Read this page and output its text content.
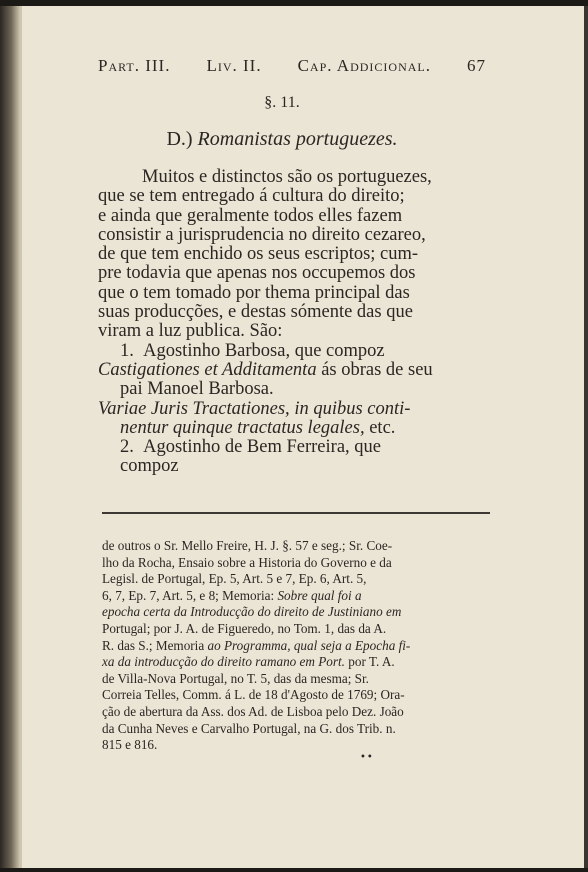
Part. III. Liv. II. Cap. Addicional. 67
§. 11.
D.) Romanistas portuguezes.
Muitos e distinctos são os portuguezes,
que se tem entregado á cultura do direito;
e ainda que geralmente todos elles fazem
consistir a jurisprudencia no direito cezareo,
de que tem enchido os seus escriptos; cum-
pre todavia que apenas nos occupemos dos
que o tem tomado por thema principal das
suas producções, e destas sómente das que
viram a luz publica. São:
1. Agostinho Barbosa, que compoz
Castigationes et Additamenta ás obras de seu
pai Manoel Barbosa.
Variae Juris Tractationes, in quibus conti-
nentur quinque tractatus legales, etc.
2. Agostinho de Bem Ferreira, que
compoz
de outros o Sr. Mello Freire, H. J. §. 57 e seg.; Sr. Coe-
lho da Rocha, Ensaio sobre a Historia do Governo e da
Legisl. de Portugal, Ep. 5, Art. 5 e 7, Ep. 6, Art. 5,
6, 7, Ep. 7, Art. 5, e 8; Memoria: Sobre qual foi a
epocha certa da Introducção do direito de Justiniano em
Portugal; por J. A. de Figueredo, no Tom. 1, das da A.
R. das S.; Memoria ao Programma, qual seja a Epocha fi-
xa da introducção do direito ramano em Port. por T. A.
de Villa-Nova Portugal, no T. 5, das da mesma; Sr.
Correia Telles, Comm. á L. de 18 d'Agosto de 1769; Ora-
ção de abertura da Ass. dos Ad. de Lisboa pelo Dez. João
da Cunha Neves e Carvalho Portugal, na G. dos Trib. n.
815 e 816.
••
